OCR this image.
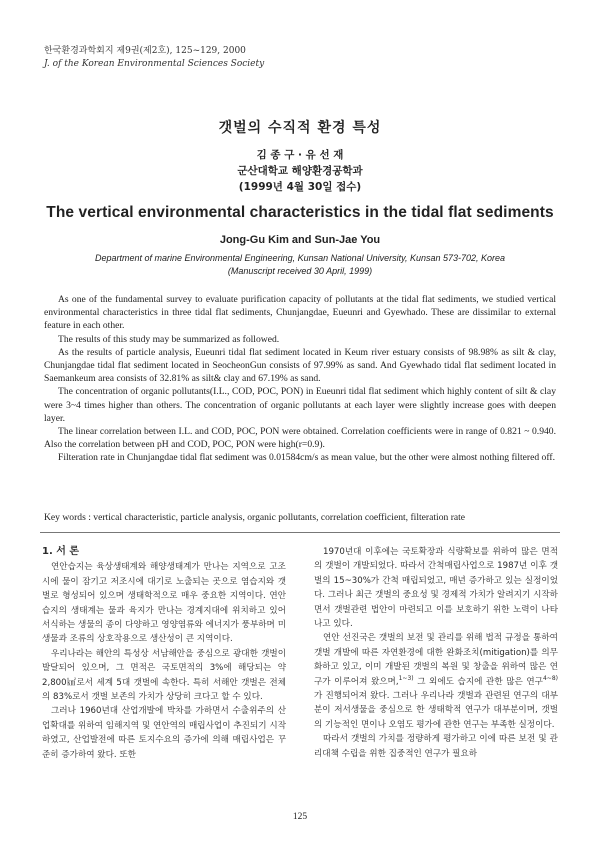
한국환경과학회지 제9권(제2호), 125~129, 2000
J. of the Korean Environmental Sciences Society
갯벌의 수직적 환경 특성
김 종 구 · 유 선 재
군산대학교 해양환경공학과
(1999년 4월 30일 접수)
The vertical environmental characteristics in the tidal flat sediments
Jong-Gu Kim and Sun-Jae You
Department of marine Environmental Engineering, Kunsan National University, Kunsan 573-702, Korea
(Manuscript received 30 April, 1999)

As one of the fundamental survey to evaluate purification capacity of pollutants at the tidal flat sediments, we studied vertical environmental characteristics in three tidal flat sediments, Chunjangdae, Eueunri and Gyewhado. These are dissimilar to external feature in each other.

The results of this study may be summarized as followed.

As the results of particle analysis, Eueunri tidal flat sediment located in Keum river estuary consists of 98.98% as silt & clay, Chunjangdae tidal flat sediment located in SeocheonGun consists of 97.99% as sand. And Gyewhado tidal flat sediment located in Saemankeum area consists of 32.81% as silt& clay and 67.19% as sand.

The concentration of organic pollutants(I.L., COD, POC, PON) in Eueunri tidal flat sediment which highly content of silt & clay were 3~4 times higher than others. The concentration of organic pollutants at each layer were slightly increase goes with deepen layer.

The linear correlation between I.L. and COD, POC, PON were obtained. Correlation coefficients were in range of 0.821 ~ 0.940. Also the correlation between pH and COD, POC, PON were high(r=0.9).

Filteration rate in Chunjangdae tidal flat sediment was 0.01584cm/s as mean value, but the other were almost nothing filtered off.

Key words : vertical characteristic, particle analysis, organic pollutants, correlation coefficient, filteration rate

1. 서 론

연안습지는 육상생태계와 해양생태계가 만나는 지역으로 고조시에 물이 잠기고 저조시에 대기로 노출되는 곳으로 염습지와 갯벌로 형성되어 있으며 생태학적으로 매우 중요한 지역이다. 연안습지의 생태계는 물과 육지가 만나는 경계지대에 위치하고 있어 서식하는 생물의 종이 다양하고 영양염류와 에너지가 풍부하며 미생물과 조류의 상호작용으로 생산성이 큰 지역이다.

우리나라는 해안의 특성상 서남해안을 중심으로 광대한 갯벌이 발달되어 있으며, 그 면적은 국토면적의 3%에 해당되는 약 2,800㎢로서 세계 5대 갯벌에 속한다. 특히 서해안 갯벌은 전체의 83%로서 갯벌 보존의 가치가 상당히 크다고 할 수 있다.

그러나 1960년대 산업개발에 박차를 가하면서 수출위주의 산업확대를 위하여 임해지역 및 연안역의 매립사업이 추진되기 시작하였고, 산업발전에 따른 토지수요의 증가에 의해 매립사업은 꾸준히 증가하여 왔다. 또한

1970년대 이후에는 국토확장과 식량확보를 위하여 많은 면적의 갯벌이 개발되었다. 따라서 간척매립사업으로 1987년 이후 갯벌의 15~30%가 간척 매립되었고, 매년 증가하고 있는 실정이었다. 그러나 최근 갯벌의 중요성 및 경제적 가치가 알려지기 시작하면서 갯벌관련 법안이 마련되고 이를 보호하기 위한 노력이 나타나고 있다.

연안 선진국은 갯벌의 보전 및 관리를 위해 법적 규정을 통하여 갯벌 개발에 따른 자연환경에 대한 완화조치(mitigation)를 의무화하고 있고, 이미 개발된 갯벌의 복원 및 창출을 위하여 많은 연구가 이루어져 왔으며,$^{1\sim 3)}$ 그 외에도 습지에 관한 많은 연구$^{4\sim 8)}$가 진행되어져 왔다. 그러나 우리나라 갯벌과 관련된 연구의 대부분이 저서생물을 중심으로 한 생태학적 연구가 대부분이며, 갯벌의 기능적인 면이나 오염도 평가에 관한 연구는 부족한 실정이다.

따라서 갯벌의 가치를 정량하게 평가하고 이에 따른 보전 및 관리대책 수립을 위한 집중적인 연구가 필요하

125
